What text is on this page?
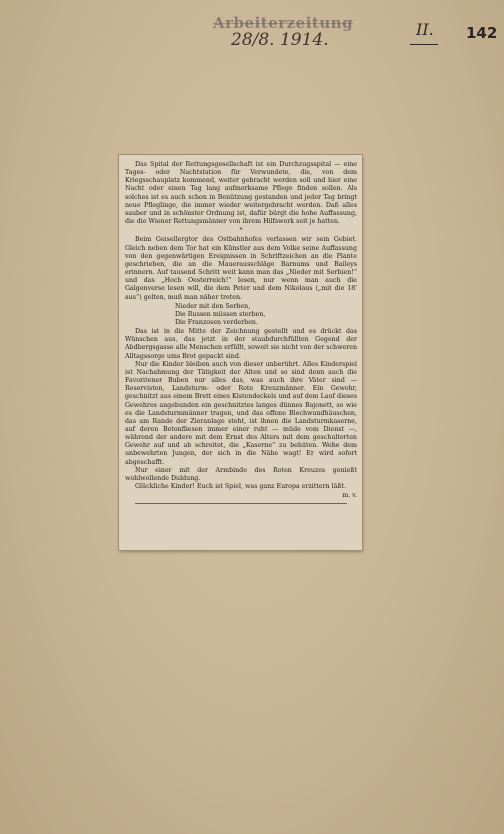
Arbeiterzeitung
28/8. 1914.
II. 142

Das Spital der Rettungsgesellschaft ist ein Durchzugsspital — eine Tages- oder Nachtstation für Verwundete, die, von dem Kriegsschauplatz kommend, weiter gebracht werden soll und hier eine Nacht oder einen Tag lang aufmerksame Pflege finden sollen. Als solches ist es auch schon in Benützung gestanden und jeder Tag bringt neue Pfleglinge, die immer wieder weitergebracht werden. Daß alles sauber und in schönster Ordnung ist, dafür bürgt die hohe Auffassung, die die Wiener Rettungsmänner von ihrem Hilfswerk seit je hatten.

*

Beim Geisellergtor des Ostbahnhofes verlassen wir sein Gebiet. Gleich neben dem Tor hat ein Künstler aus dem Volke seine Auffassung von den gegenwärtigen Ereignissen in Schriftzeichen an die Plante geschrieben, die an die Mauerausschläge Barnums und Baileys erinnern. Auf tausend Schritt weit kann man das „Nieder mit Serbien!“ und das „Hoch Oesterreich!“ lesen, nur wenn man auch die Galgenverse lesen will, die dem Peter und dem Nikolaus („mit die 18' aus“) gelten, muß man näher treten.

Nieder mit den Serben,
Die Russen müssen sterben,
Die Franzosen verderben.

Das ist in die Mitte der Zeichnung gestellt und es drückt das Wünschen aus, das jetzt in der staubdurchfüllten Gegend der Abdbergsgasse alle Menschen erfüllt, soweit sie nicht von der schweren Alltagssorge ums Brot gepackt sind.

Nur die Kinder bleiben auch von dieser unberührt. Alles Kinderspiel ist Nachahmung der Tätigkeit der Alten und so sind denn auch die Favoritener Buben nur alles das, was auch ihre Väter sind — Reservisten, Landsturm- oder Rote Kreuzmänner. Ein Gewehr, geschnitzt aus einem Brett eines Kistendeckels und auf dem Lauf dieses Gewehres angebunden ein geschnitztes langes dünnes Bajonett, so wie es die Landsturmmänner tragen, und das offene Blechwundhäuschen, das am Rande der Zieranlage steht, ist ihnen die Landsturmkaserne, auf deren Betonfliesen immer einer ruht — müde vom Dienst —, während der andere mit dem Ernst des Alters mit dem geschulterten Gewehr auf und ab schreitet, die „Kaserne“ zu behüten. Wehe dem unbewehrten Jungen, der sich in die Nähe wagt! Er wird sofort abgeschafft.

Nur einer mit der Armbinde des Roten Kreuzes genießt wohlwollende Duldung.

Glückliche Kinder! Euch ist Spiel, was ganz Europa erzittern läßt.

m. v.
